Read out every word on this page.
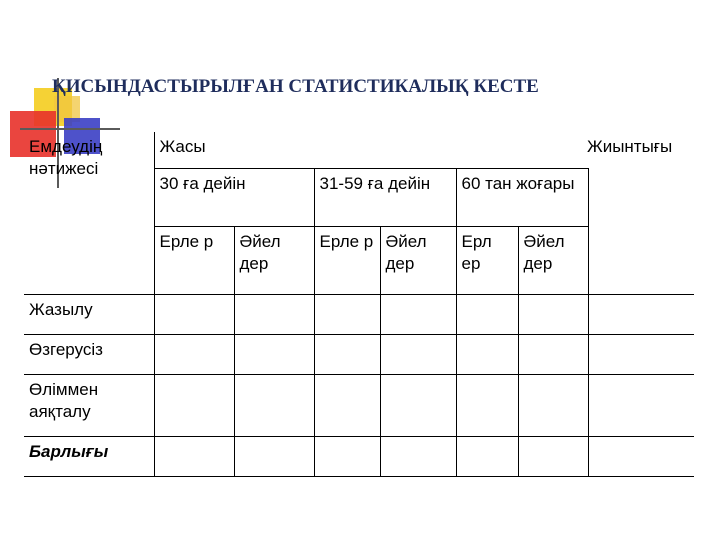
ҚИСЫНДАСТЫРЫЛҒАН СТАТИСТИКАЛЫҚ КЕСТЕ
Емдеудің нәтижесі	Жасы						Жиынтығы
	30 ға дейін		31-59 ға дейін		60 тан жоғары		
	Ерле р	Әйел дер	Ерле р	Әйел дер	Ерл ер	Әйел дер	
Жазылу							
Өзгерусіз							
Өліммен аяқталу							
Барлығы							
